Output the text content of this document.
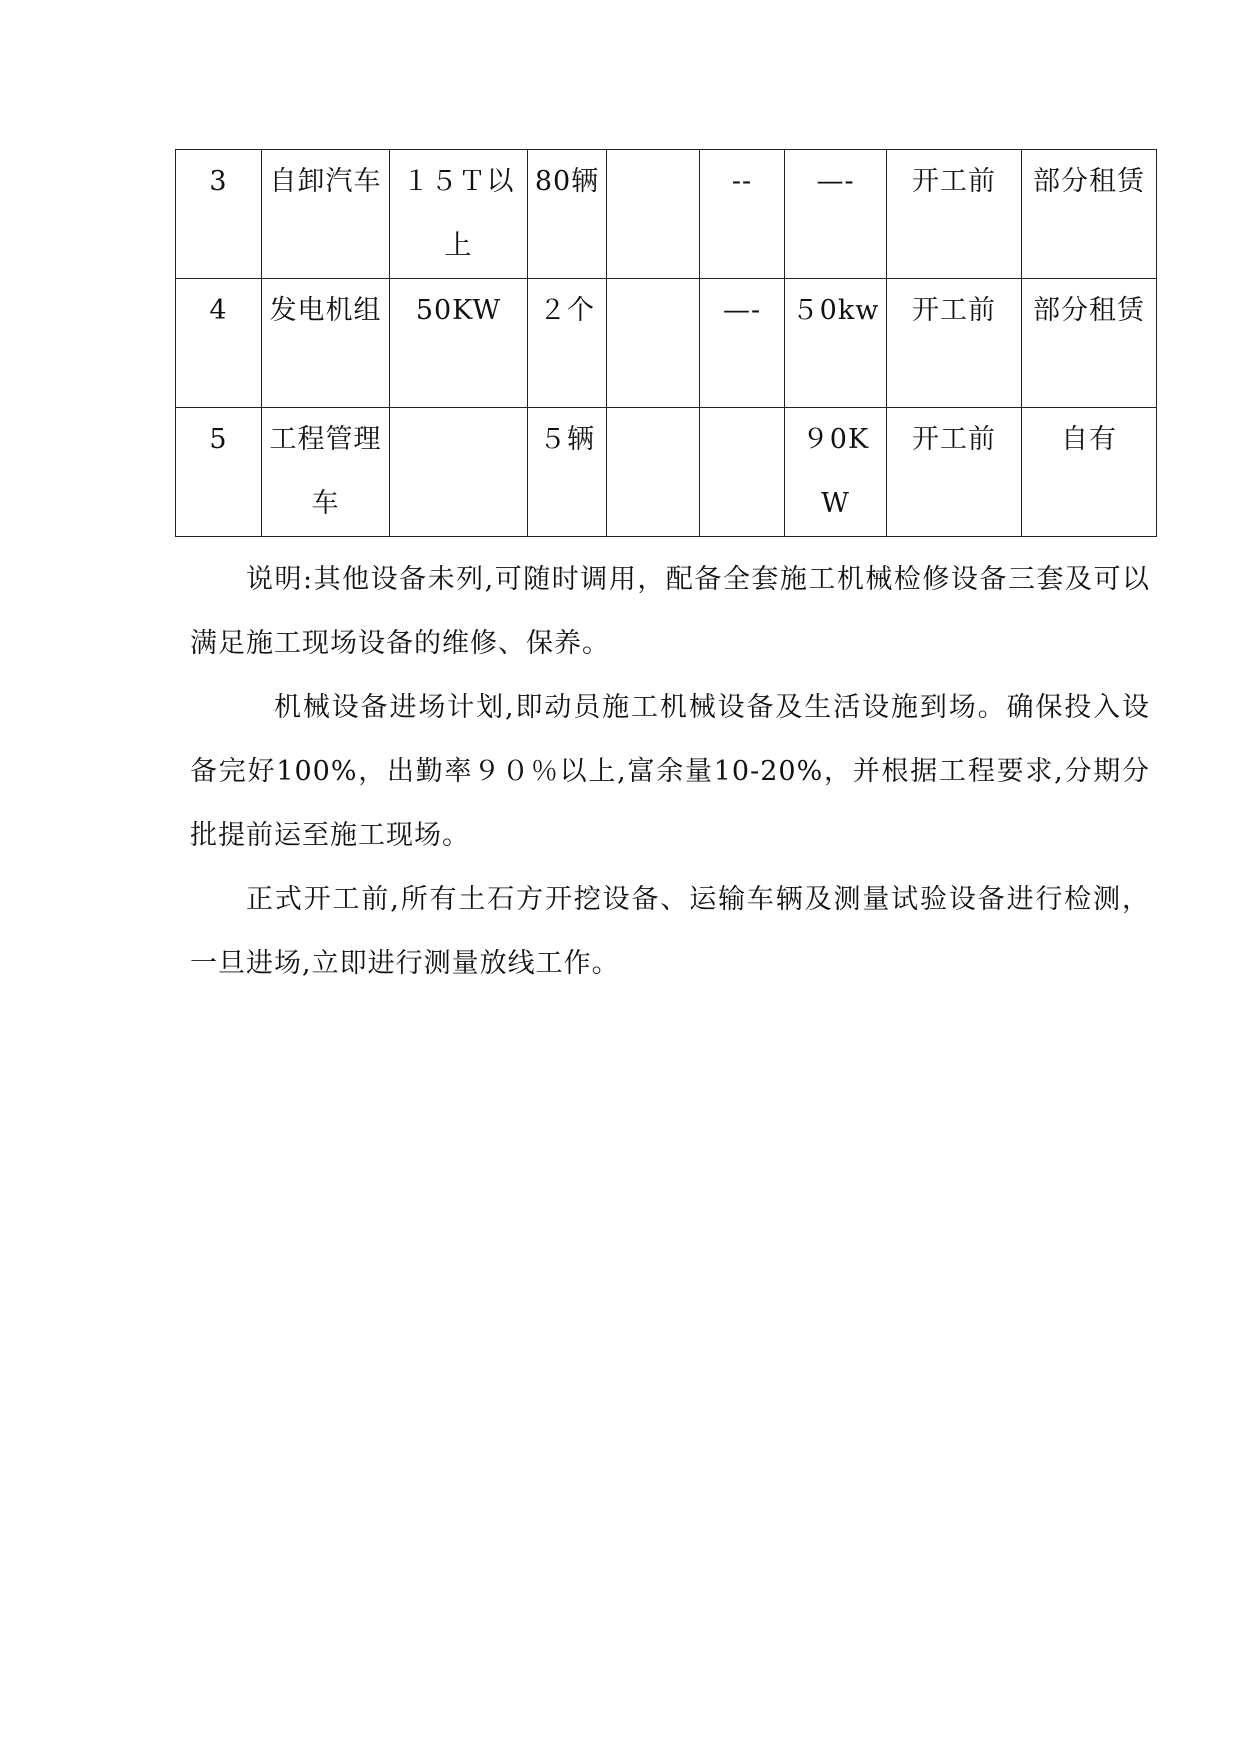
3	自卸汽车	１５Ｔ以上	80辆		--	—-	开工前	部分租赁
4	发电机组	50KW	２个		—-	５0kw	开工前	部分租赁
5	工程管理车		５辆			９0KW	开工前	自有

说明:其他设备未列,可随时调用，配备全套施工机械检修设备三套及可以满足施工现场设备的维修、保养。

机械设备进场计划,即动员施工机械设备及生活设施到场。确保投入设备完好100%，出勤率９０％以上,富余量10-20%，并根据工程要求,分期分批提前运至施工现场。

正式开工前,所有土石方开挖设备、运输车辆及测量试验设备进行检测，一旦进场,立即进行测量放线工作。
